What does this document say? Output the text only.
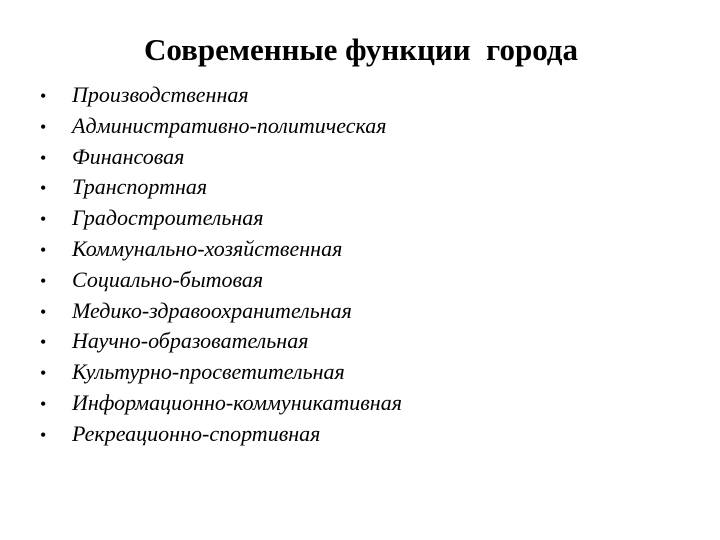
Современные функции  города
•	Производственная
•	Административно-политическая
•	Финансовая
•	Транспортная
•	Градостроительная
•	Коммунально-хозяйственная
•	Социально-бытовая
•	Медико-здравоохранительная
•	Научно-образовательная
•	Культурно-просветительная
•	Информационно-коммуникативная
•	Рекреационно-спортивная
